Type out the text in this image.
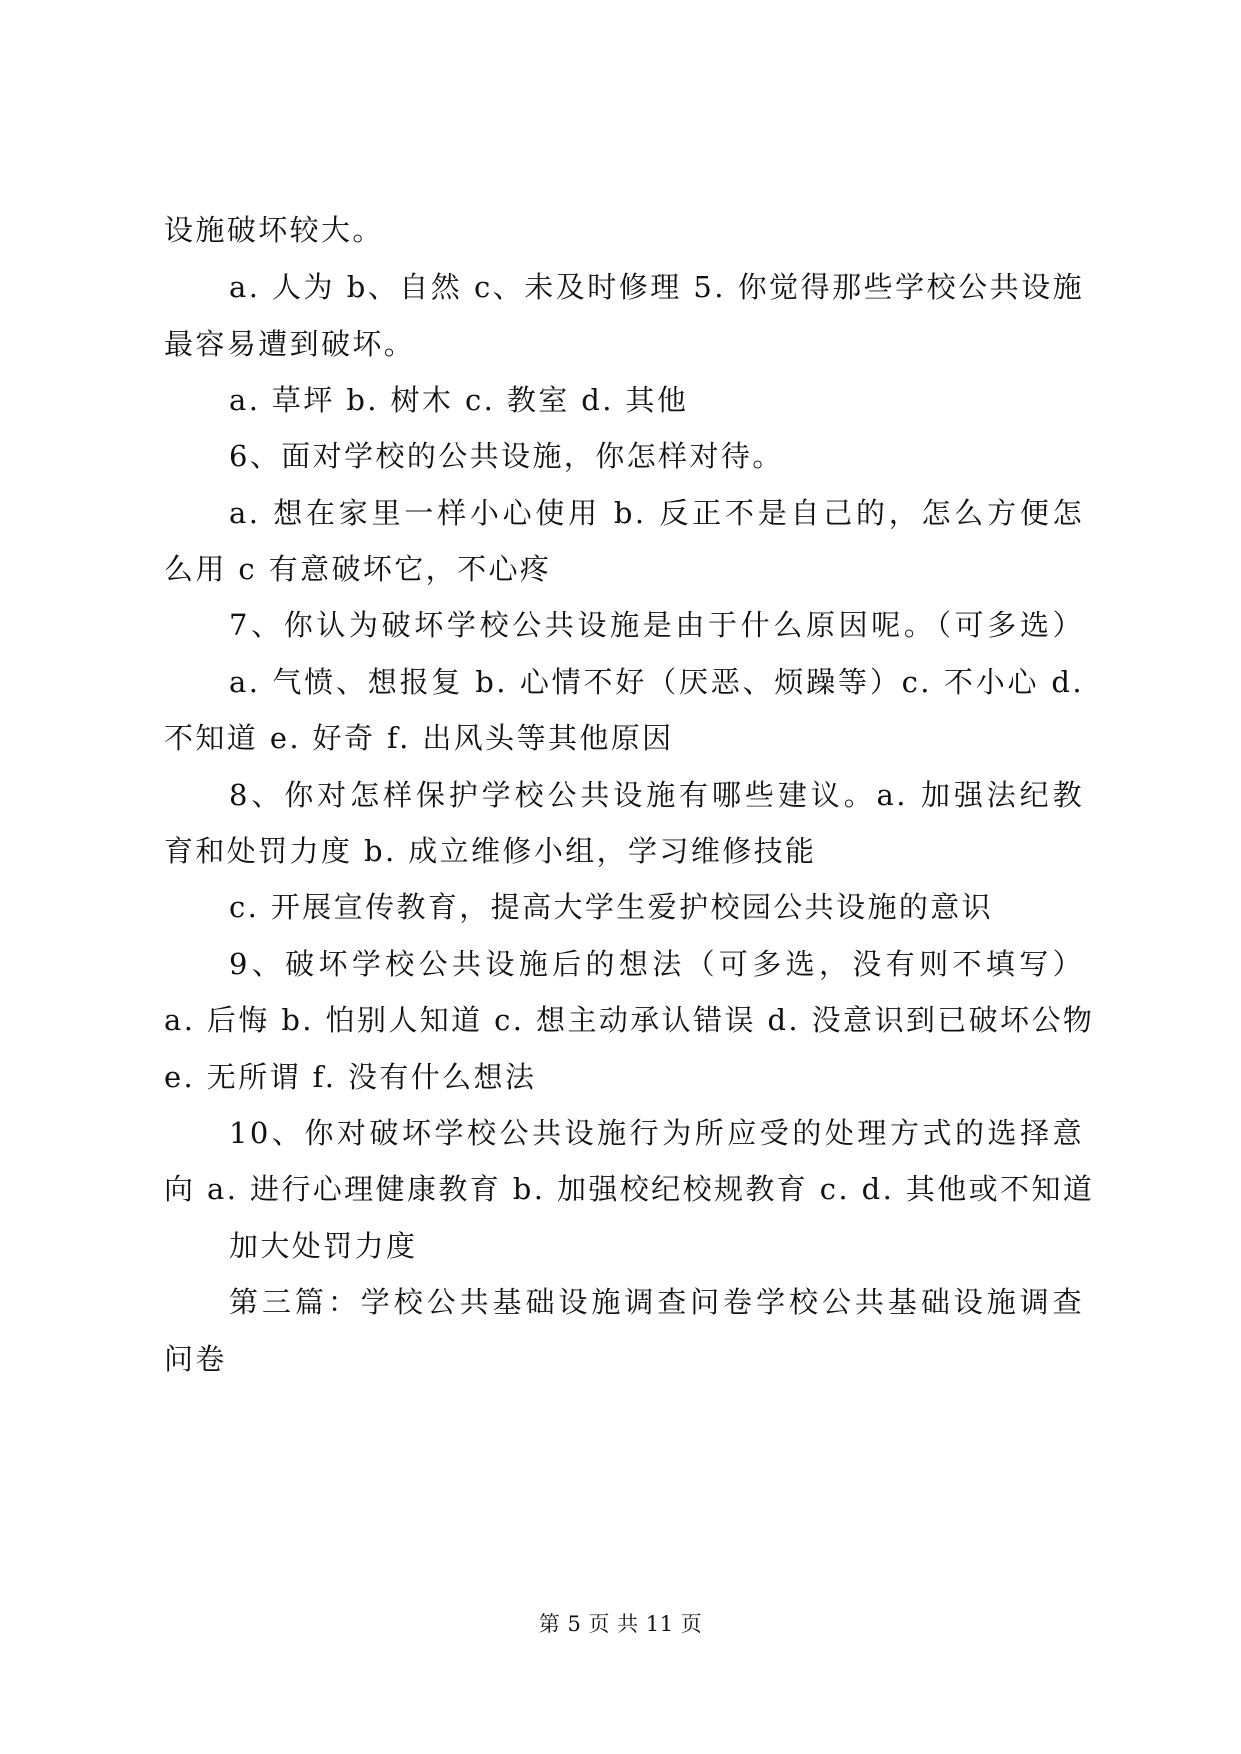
设施破坏较大。
a. 人为 b、自然 c、未及时修理 5. 你觉得那些学校公共设施
最容易遭到破坏。
a. 草坪 b. 树木 c. 教室 d. 其他
6、面对学校的公共设施，你怎样对待。
a. 想在家里一样小心使用 b. 反正不是自己的，怎么方便怎
么用 c 有意破坏它，不心疼
7、你认为破坏学校公共设施是由于什么原因呢。（可多选）
a. 气愤、想报复 b. 心情不好（厌恶、烦躁等）c. 不小心 d.
不知道 e. 好奇 f. 出风头等其他原因
8、你对怎样保护学校公共设施有哪些建议。a. 加强法纪教
育和处罚力度 b. 成立维修小组，学习维修技能
c. 开展宣传教育，提高大学生爱护校园公共设施的意识
9、破坏学校公共设施后的想法（可多选，没有则不填写）
a. 后悔 b. 怕别人知道 c. 想主动承认错误 d. 没意识到已破坏公物
e. 无所谓 f. 没有什么想法
10、你对破坏学校公共设施行为所应受的处理方式的选择意
向 a. 进行心理健康教育 b. 加强校纪校规教育 c. d. 其他或不知道
加大处罚力度
第三篇：学校公共基础设施调查问卷学校公共基础设施调查
问卷
第 5 页 共 11 页
